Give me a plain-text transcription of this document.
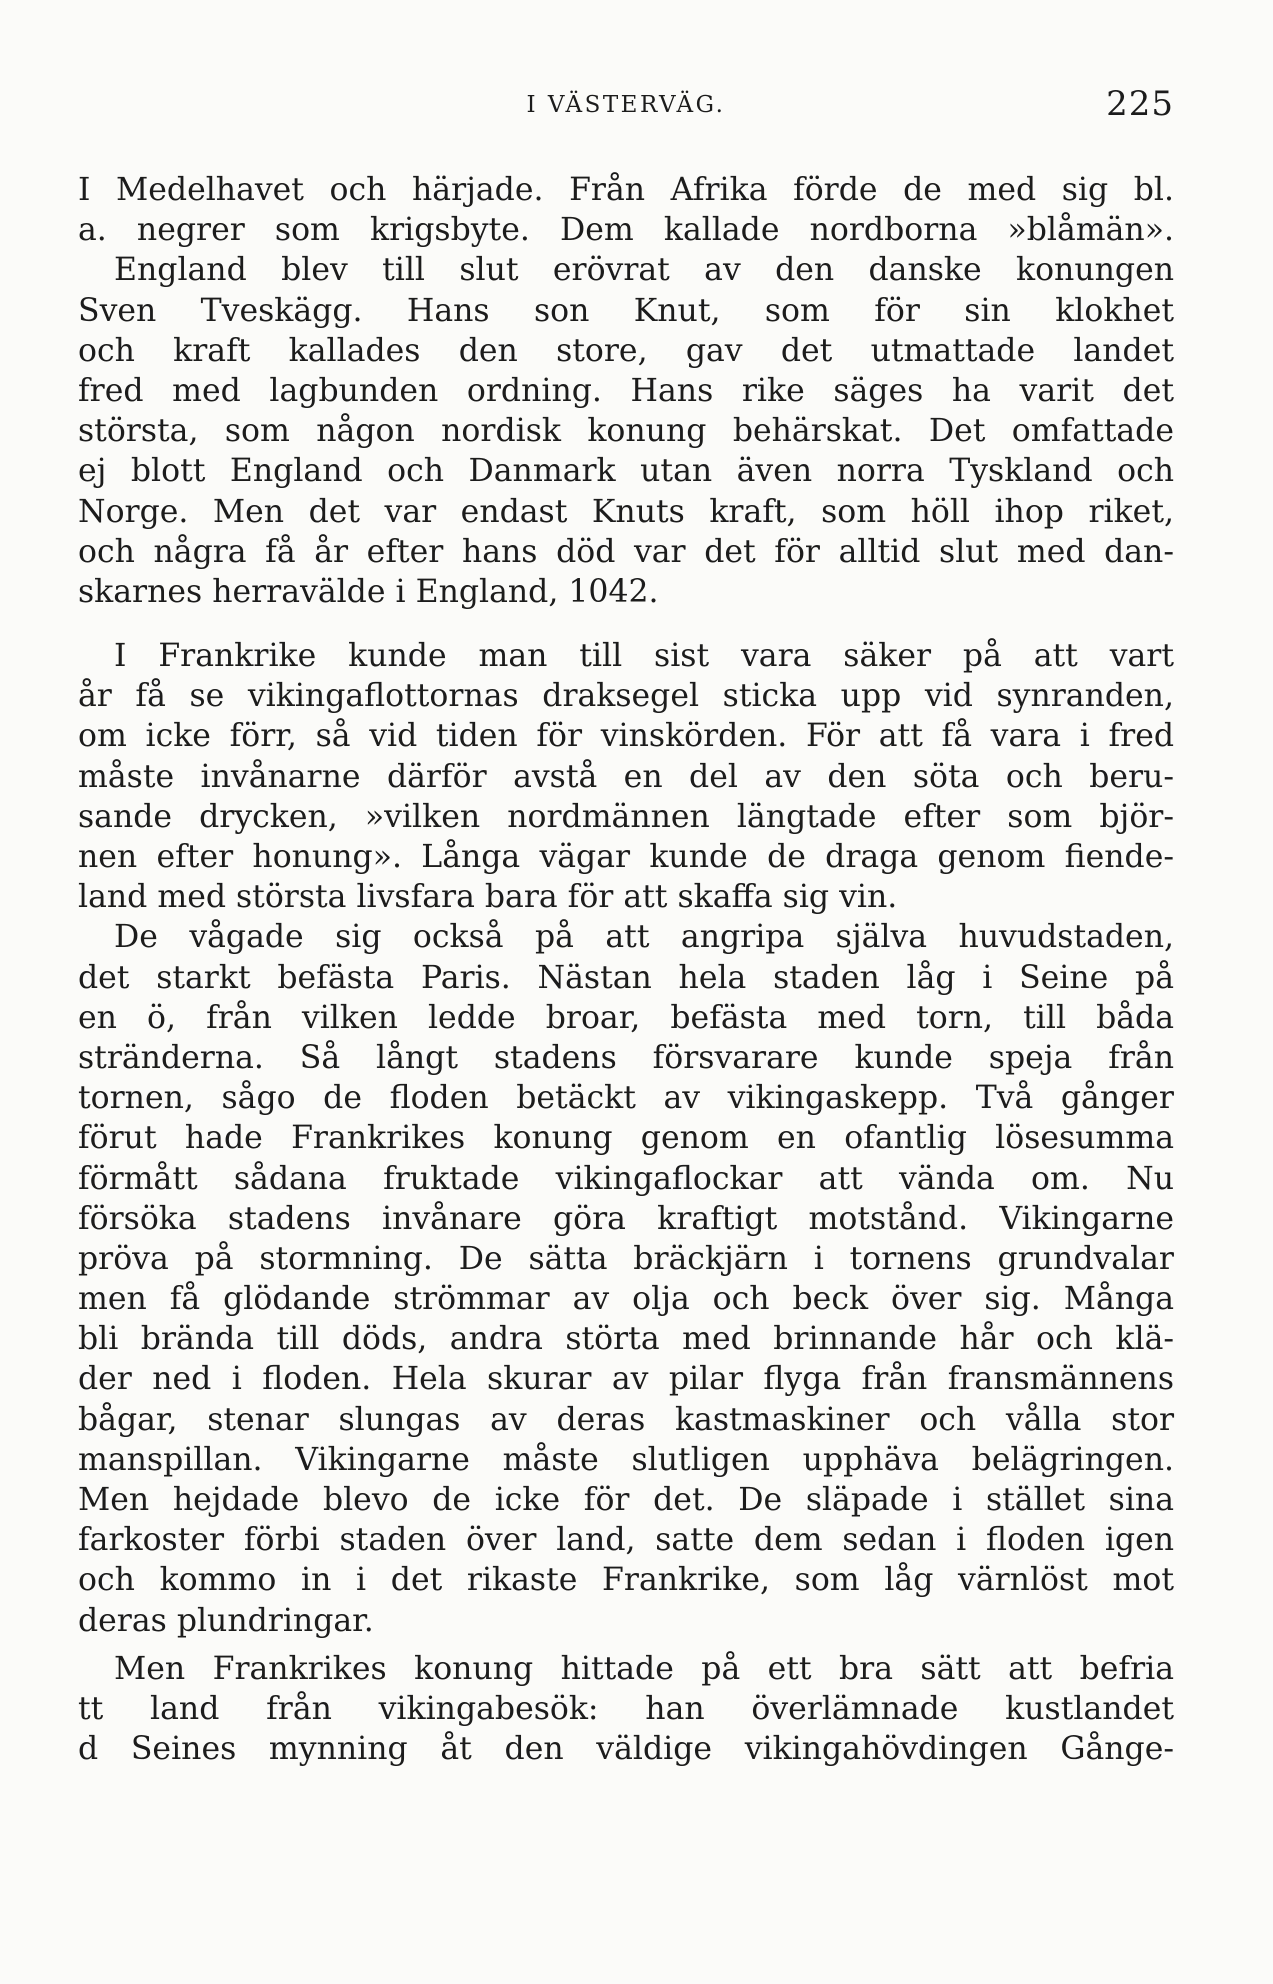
I VÄSTERVÄG.	225
I Medelhavet och härjade. Från Afrika förde de med sig bl.
a. negrer som krigsbyte. Dem kallade nordborna »blåmän».
England blev till slut erövrat av den danske konungen
Sven Tveskägg. Hans son Knut, som för sin klokhet
och kraft kallades den store, gav det utmattade landet
fred med lagbunden ordning. Hans rike säges ha varit det
största, som någon nordisk konung behärskat. Det omfattade
ej blott England och Danmark utan även norra Tyskland och
Norge. Men det var endast Knuts kraft, som höll ihop riket,
och några få år efter hans död var det för alltid slut med dan-
skarnes herravälde i England, 1042.
I Frankrike kunde man till sist vara säker på att vart
år få se vikingaflottornas draksegel sticka upp vid synranden,
om icke förr, så vid tiden för vinskörden. För att få vara i fred
måste invånarne därför avstå en del av den söta och beru-
sande drycken, »vilken nordmännen längtade efter som björ-
nen efter honung». Långa vägar kunde de draga genom fiende-
land med största livsfara bara för att skaffa sig vin.
De vågade sig också på att angripa själva huvudstaden,
det starkt befästa Paris. Nästan hela staden låg i Seine på
en ö, från vilken ledde broar, befästa med torn, till båda
stränderna. Så långt stadens försvarare kunde speja från
tornen, sågo de floden betäckt av vikingaskepp. Två gånger
förut hade Frankrikes konung genom en ofantlig lösesumma
förmått sådana fruktade vikingaflockar att vända om. Nu
försöka stadens invånare göra kraftigt motstånd. Vikingarne
pröva på stormning. De sätta bräckjärn i tornens grundvalar
men få glödande strömmar av olja och beck över sig. Många
bli brända till döds, andra störta med brinnande hår och klä-
der ned i floden. Hela skurar av pilar flyga från fransmännens
bågar, stenar slungas av deras kastmaskiner och vålla stor
manspillan. Vikingarne måste slutligen upphäva belägringen.
Men hejdade blevo de icke för det. De släpade i stället sina
farkoster förbi staden över land, satte dem sedan i floden igen
och kommo in i det rikaste Frankrike, som låg värnlöst mot
deras plundringar.
Men Frankrikes konung hittade på ett bra sätt att befria
tt land från vikingabesök: han överlämnade kustlandet
d Seines mynning åt den väldige vikingahövdingen Gånge-
